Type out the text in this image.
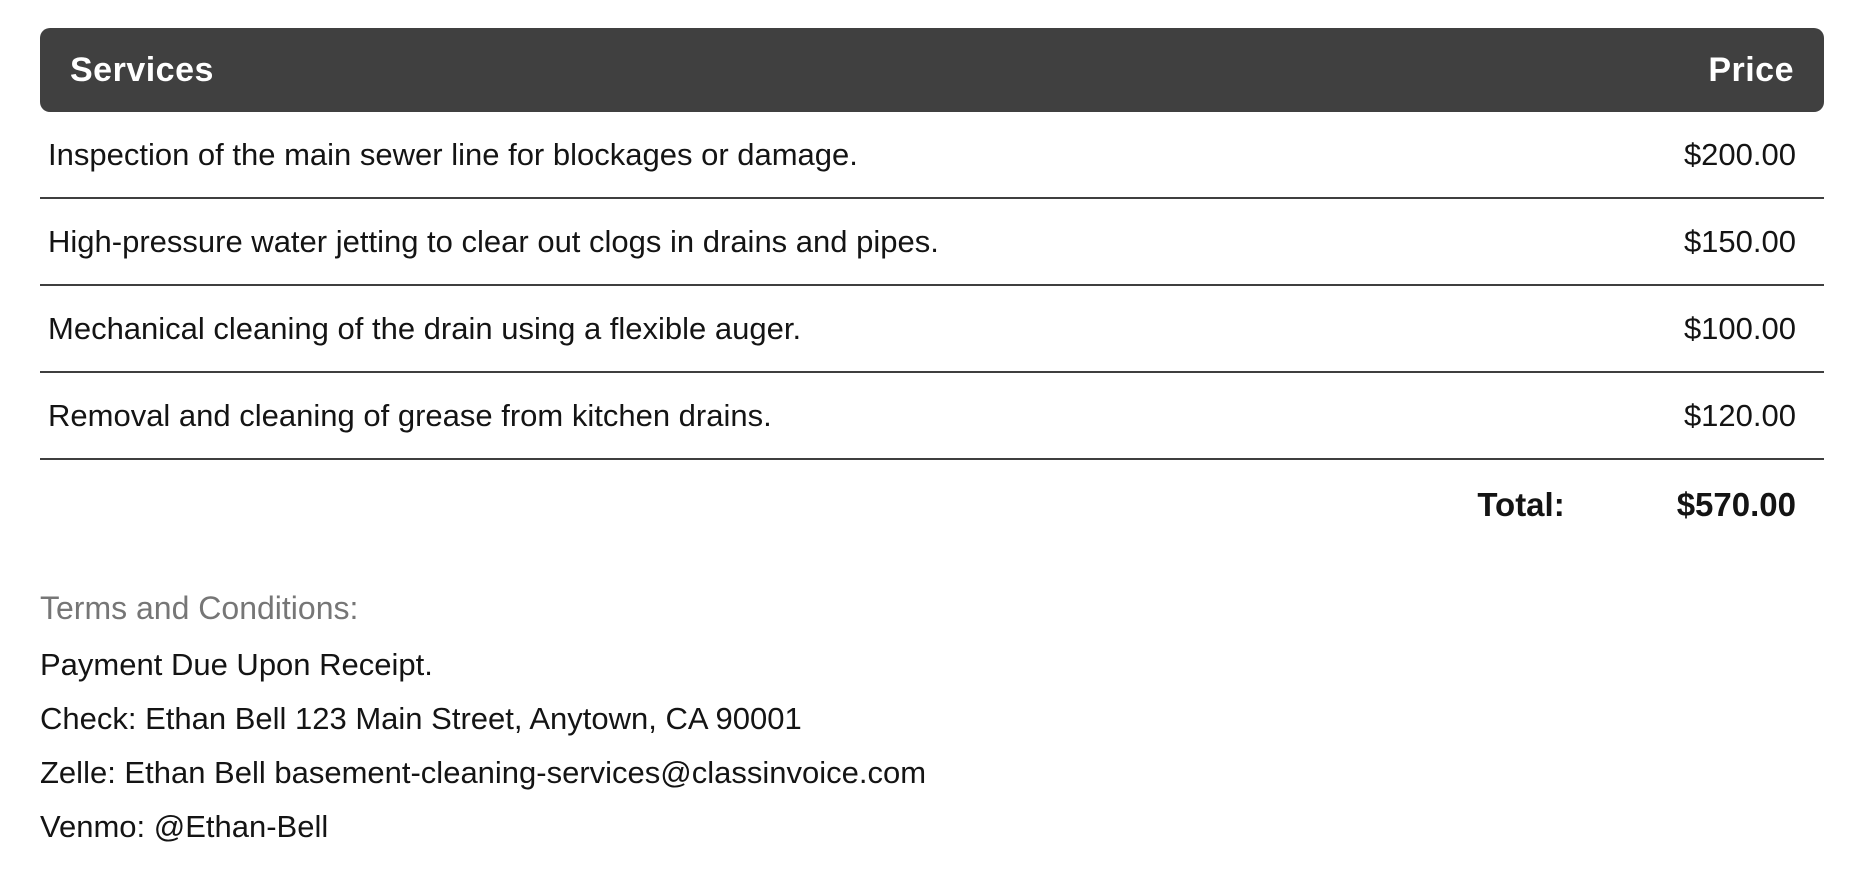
Services	Price
Inspection of the main sewer line for blockages or damage.	$200.00
High-pressure water jetting to clear out clogs in drains and pipes.	$150.00
Mechanical cleaning of the drain using a flexible auger.	$100.00
Removal and cleaning of grease from kitchen drains.	$120.00
Total:	$570.00
Terms and Conditions:
Payment Due Upon Receipt.
Check: Ethan Bell 123 Main Street, Anytown, CA 90001
Zelle: Ethan Bell basement-cleaning-services@classinvoice.com
Venmo: @Ethan-Bell
